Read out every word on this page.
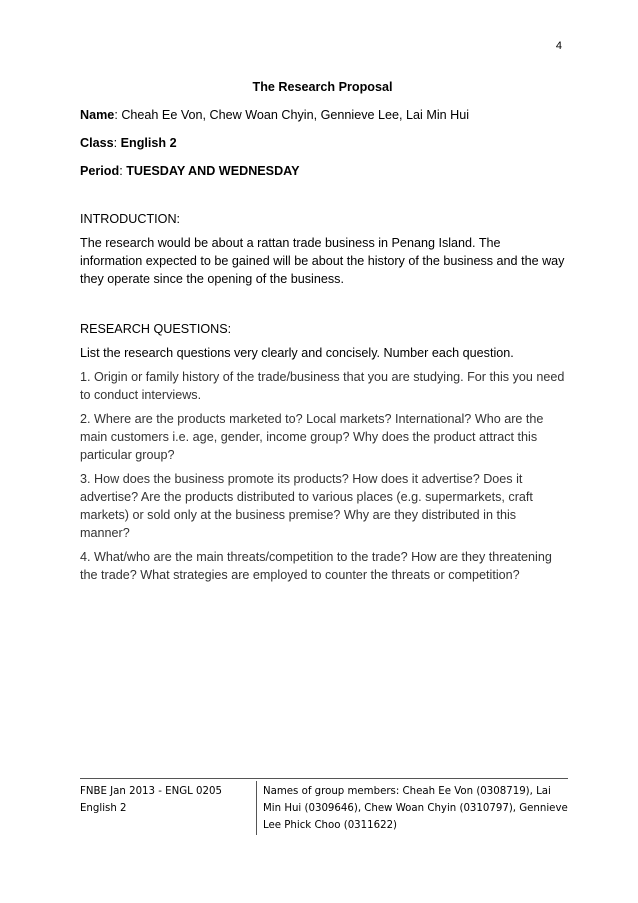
4
The Research Proposal
Name: Cheah Ee Von, Chew Woan Chyin, Gennieve Lee, Lai Min Hui
Class: English 2
Period: TUESDAY AND WEDNESDAY
INTRODUCTION:
The research would be about a rattan trade business in Penang Island. The information expected to be gained will be about the history of the business and the way they operate since the opening of the business.
RESEARCH QUESTIONS:
List the research questions very clearly and concisely. Number each question.
1. Origin or family history of the trade/business that you are studying. For this you need to conduct interviews.
2. Where are the products marketed to? Local markets? International? Who are the main customers i.e. age, gender, income group? Why does the product attract this particular group?
3. How does the business promote its products? How does it advertise? Does it advertise? Are the products distributed to various places (e.g. supermarkets, craft markets) or sold only at the business premise? Why are they distributed in this manner?
4. What/who are the main threats/competition to the trade? How are they threatening the trade? What strategies are employed to counter the threats or competition?
FNBE Jan 2013 - ENGL 0205 English 2
Names of group members: Cheah Ee Von (0308719), Lai Min Hui (0309646), Chew Woan Chyin (0310797), Gennieve Lee Phick Choo (0311622)
